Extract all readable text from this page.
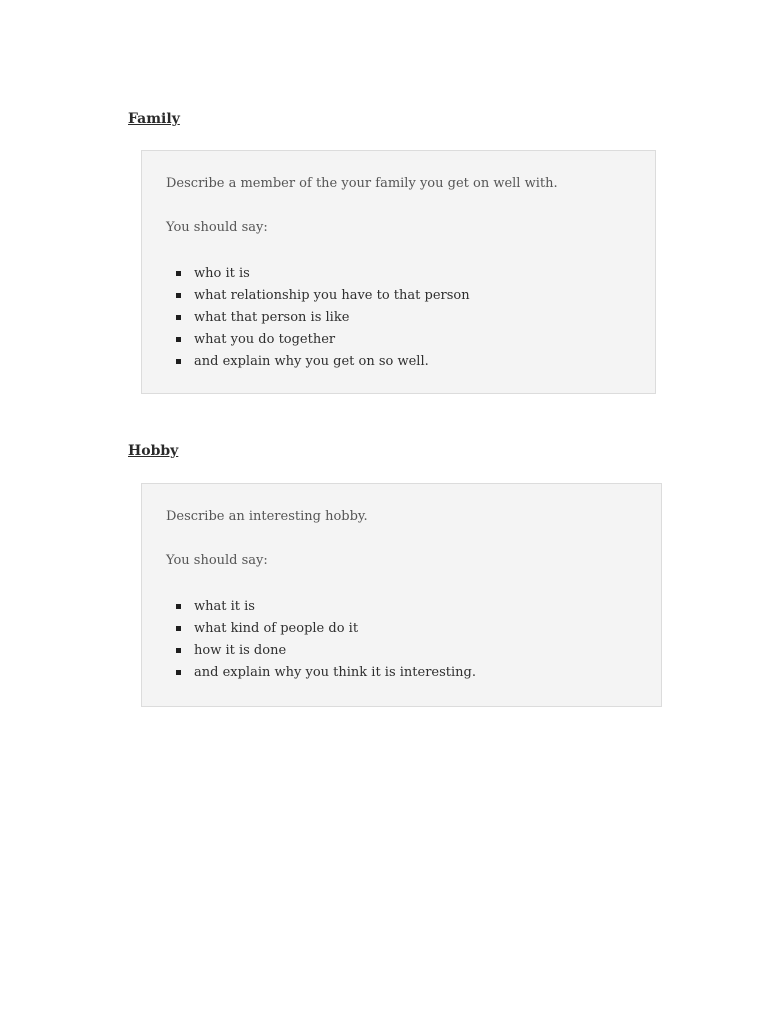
Family

Describe a member of the your family you get on well with.

You should say:

who it is
what relationship you have to that person
what that person is like
what you do together
and explain why you get on so well.
Hobby

Describe an interesting hobby.

You should say:

what it is
what kind of people do it
how it is done
and explain why you think it is interesting.
